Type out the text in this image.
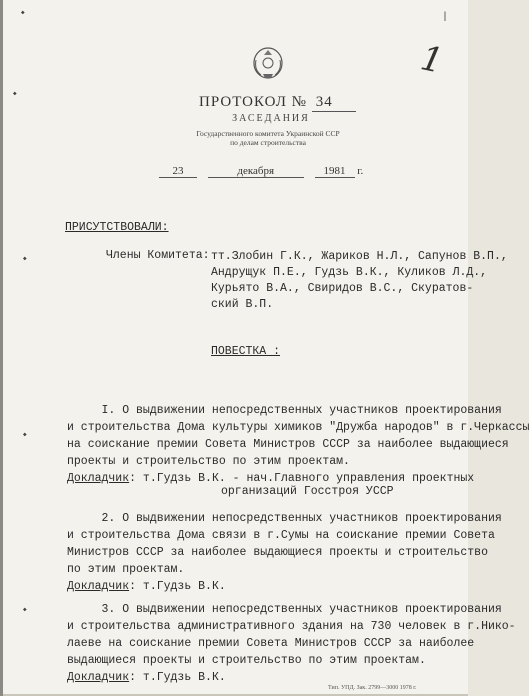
◆	|
◆
◆
◆
◆
1
ПРОТОКОЛ № 34
ЗАСЕДАНИЯ
Государственного комитета Украинской ССР
по делам строительства
23	декабря	1981 г.
ПРИСУТСТВОВАЛИ:
Члены Комитета: тт.Злобин Г.К., Жариков Н.Л., Сапунов В.П.,
Андрущук П.Е., Гудзь В.К., Куликов Л.Д.,
Курьято В.А., Свиридов В.С., Скуратов-
ский В.П.
ПОВЕСТКА :
I. О выдвижении непосредственных участников проектирования
и строительства Дома культуры химиков "Дружба народов" в г.Черкассы
на соискание премии Совета Министров СССР за наиболее выдающиеся
проекты и строительство по этим проектам.
Докладчик: т.Гудзь В.К. - нач.Главного управления проектных
организаций Госстроя УССР
2. О выдвижении непосредственных участников проектирования
и строительства Дома связи в г.Сумы на соискание премии Совета
Министров СССР за наиболее выдающиеся проекты и строительство
по этим проектам.
Докладчик: т.Гудзь В.К.
3. О выдвижении непосредственных участников проектирования
и строительства административного здания на 730 человек в г.Нико-
лаеве на соискание премии Совета Министров СССР за наиболее
выдающиеся проекты и строительство по этим проектам.
Докладчик: т.Гудзь В.К.
Тип. УПД. Зак. 2799—3000 1978 г.
